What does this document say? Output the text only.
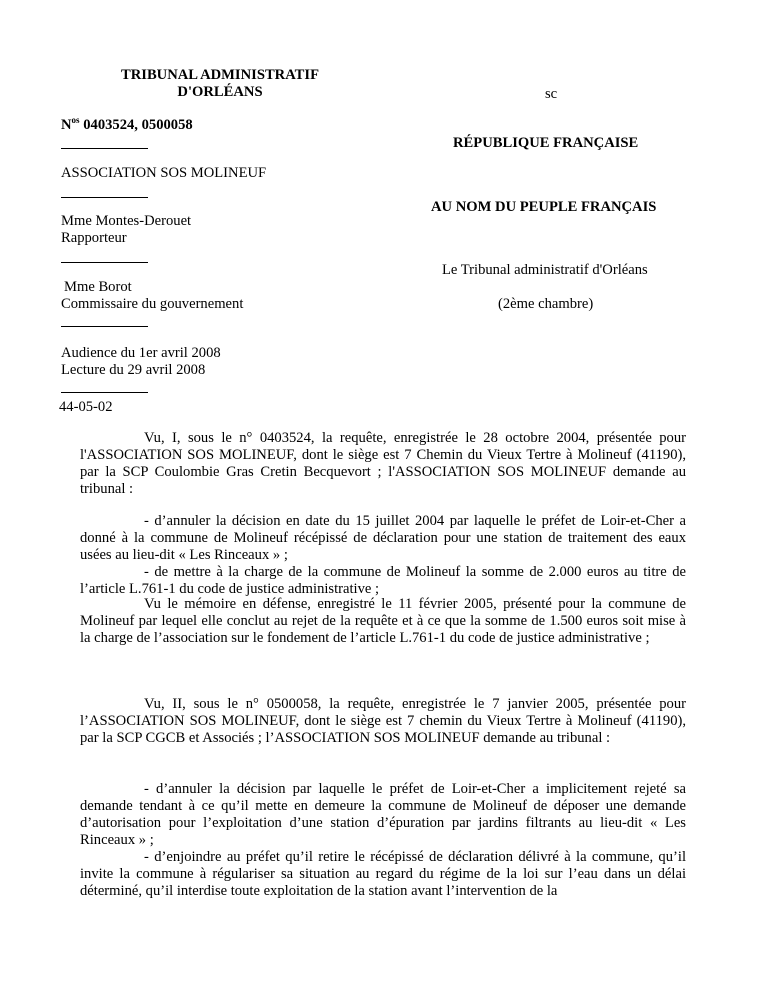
TRIBUNAL ADMINISTRATIF
D'ORLÉANS	sc
$N^{os}$ 0403524, 0500058
RÉPUBLIQUE FRANÇAISE
ASSOCIATION SOS MOLINEUF
AU NOM DU PEUPLE FRANÇAIS
Mme Montes-Derouet
Rapporteur
Le Tribunal administratif d'Orléans
Mme Borot
Commissaire du gouvernement	(2ème chambre)
Audience du 1er avril 2008
Lecture du 29 avril 2008
44-05-02

Vu, I, sous le n° 0403524, la requête, enregistrée le 28 octobre 2004, présentée pour l'ASSOCIATION SOS MOLINEUF, dont le siège est 7 Chemin du Vieux Tertre à Molineuf (41190), par la SCP Coulombie Gras Cretin Becquevort ; l'ASSOCIATION SOS MOLINEUF demande au tribunal :

- d’annuler la décision en date du 15 juillet 2004 par laquelle le préfet de Loir-et-Cher a donné à la commune de Molineuf récépissé de déclaration pour une station de traitement des eaux usées au lieu-dit « Les Rinceaux » ;

- de mettre à la charge de la commune de Molineuf la somme de 2.000 euros au titre de l’article L.761-1 du code de justice administrative ;

Vu le mémoire en défense, enregistré le 11 février 2005, présenté pour la commune de Molineuf par lequel elle conclut au rejet de la requête et à ce que la somme de 1.500 euros soit mise à la charge de l’association sur le fondement de l’article L.761-1 du code de justice administrative ;

Vu, II, sous le n° 0500058, la requête, enregistrée le 7 janvier 2005, présentée pour l’ASSOCIATION SOS MOLINEUF, dont le siège est 7 chemin du Vieux Tertre à Molineuf (41190), par la SCP CGCB et Associés ; l’ASSOCIATION SOS MOLINEUF demande au tribunal :

- d’annuler la décision par laquelle le préfet de Loir-et-Cher a implicitement rejeté sa demande tendant à ce qu’il mette en demeure la commune de Molineuf de déposer une demande d’autorisation pour l’exploitation d’une station d’épuration par jardins filtrants au lieu-dit « Les Rinceaux » ;

- d’enjoindre au préfet qu’il retire le récépissé de déclaration délivré à la commune, qu’il invite la commune à régulariser sa situation au regard du régime de la loi sur l’eau dans un délai déterminé, qu’il interdise toute exploitation de la station avant l’intervention de la
